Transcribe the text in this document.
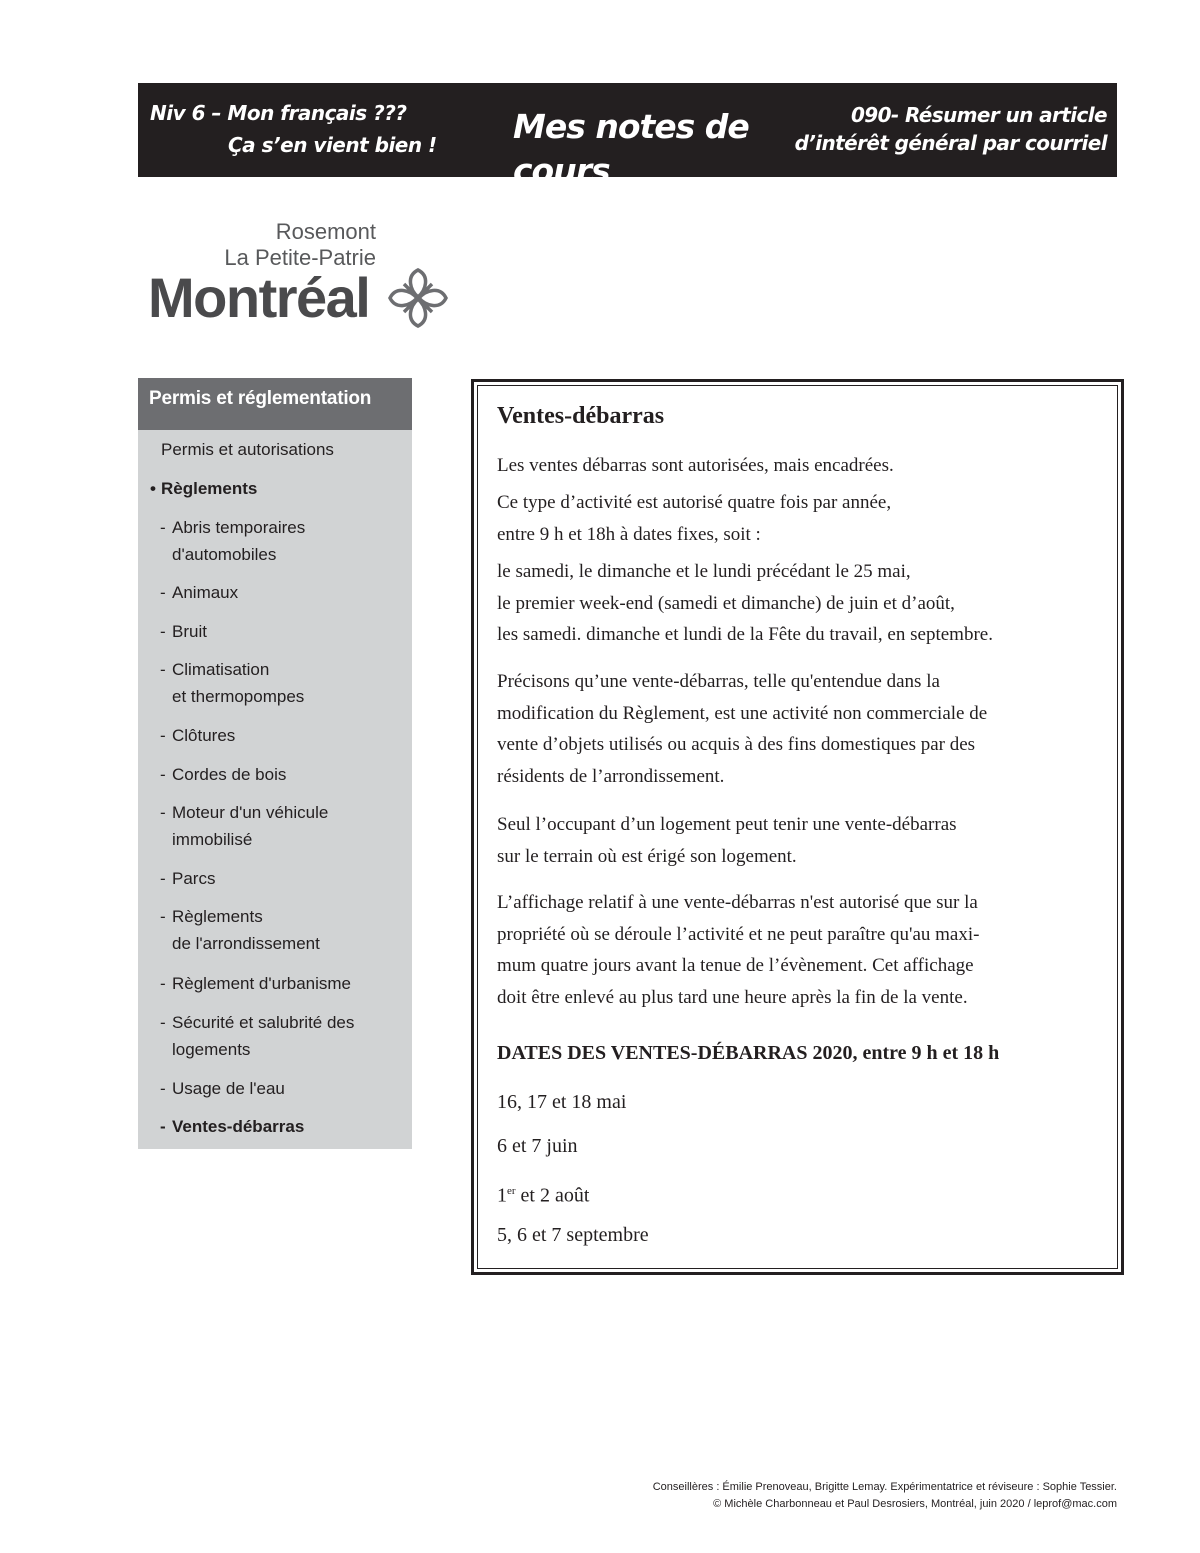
Niv 6 – Mon français ???
Ça s’en vient bien ! Mes notes de cours
090- Résumer un article
d’intérêt général par courriel
Rosemont
La Petite-Patrie
Montréal
Permis et réglementation
Permis et autorisations
• Règlements
- Abris temporaires
d'automobiles
- Animaux
- Bruit
- Climatisation
et thermopompes
- Clôtures
- Cordes de bois
- Moteur d'un véhicule
immobilisé
- Parcs
- Règlements
de l'arrondissement
- Règlement d'urbanisme
- Sécurité et salubrité des
logements
- Usage de l'eau
- Ventes-débarras
Ventes-débarras
Les ventes débarras sont autorisées, mais encadrées.
Ce type d’activité est autorisé quatre fois par année,
entre 9 h et 18h à dates fixes, soit :
le samedi, le dimanche et le lundi précédant le 25 mai,
le premier week-end (samedi et dimanche) de juin et d’août,
les samedi. dimanche et lundi de la Fête du travail, en septembre.
Précisons qu’une vente-débarras, telle qu'entendue dans la
modification du Règlement, est une activité non commerciale de
vente d’objets utilisés ou acquis à des fins domestiques par des
résidents de l’arrondissement.
Seul l’occupant d’un logement peut tenir une vente-débarras
sur le terrain où est érigé son logement.
L’affichage relatif à une vente-débarras n'est autorisé que sur la
propriété où se déroule l’activité et ne peut paraître qu'au maxi-
mum quatre jours avant la tenue de l’évènement. Cet affichage
doit être enlevé au plus tard une heure après la fin de la vente.
DATES DES VENTES-DÉBARRAS 2020, entre 9 h et 18 h
16, 17 et 18 mai
6 et 7 juin
1er et 2 août
5, 6 et 7 septembre
Conseillères : Émilie Prenoveau, Brigitte Lemay. Expérimentatrice et réviseure : Sophie Tessier.
© Michèle Charbonneau et Paul Desrosiers, Montréal, juin 2020 / leprof@mac.com
